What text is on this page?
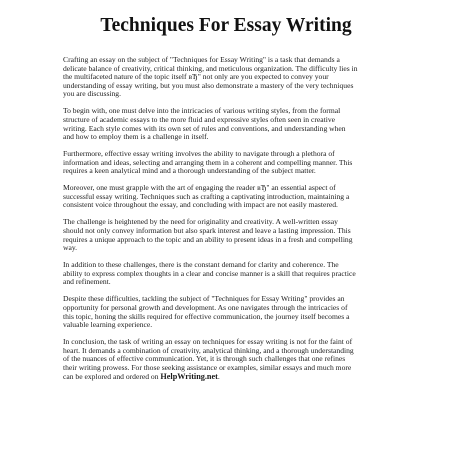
Techniques For Essay Writing

Crafting an essay on the subject of "Techniques for Essay Writing" is a task that demands a
delicate balance of creativity, critical thinking, and meticulous organization. The difficulty lies in
the multifaceted nature of the topic itself вЂ" not only are you expected to convey your
understanding of essay writing, but you must also demonstrate a mastery of the very techniques
you are discussing.

To begin with, one must delve into the intricacies of various writing styles, from the formal
structure of academic essays to the more fluid and expressive styles often seen in creative
writing. Each style comes with its own set of rules and conventions, and understanding when
and how to employ them is a challenge in itself.

Furthermore, effective essay writing involves the ability to navigate through a plethora of
information and ideas, selecting and arranging them in a coherent and compelling manner. This
requires a keen analytical mind and a thorough understanding of the subject matter.

Moreover, one must grapple with the art of engaging the reader вЂ" an essential aspect of
successful essay writing. Techniques such as crafting a captivating introduction, maintaining a
consistent voice throughout the essay, and concluding with impact are not easily mastered.

The challenge is heightened by the need for originality and creativity. A well-written essay
should not only convey information but also spark interest and leave a lasting impression. This
requires a unique approach to the topic and an ability to present ideas in a fresh and compelling
way.

In addition to these challenges, there is the constant demand for clarity and coherence. The
ability to express complex thoughts in a clear and concise manner is a skill that requires practice
and refinement.

Despite these difficulties, tackling the subject of "Techniques for Essay Writing" provides an
opportunity for personal growth and development. As one navigates through the intricacies of
this topic, honing the skills required for effective communication, the journey itself becomes a
valuable learning experience.

In conclusion, the task of writing an essay on techniques for essay writing is not for the faint of
heart. It demands a combination of creativity, analytical thinking, and a thorough understanding
of the nuances of effective communication. Yet, it is through such challenges that one refines
their writing prowess. For those seeking assistance or examples, similar essays and much more
can be explored and ordered on HelpWriting.net.
